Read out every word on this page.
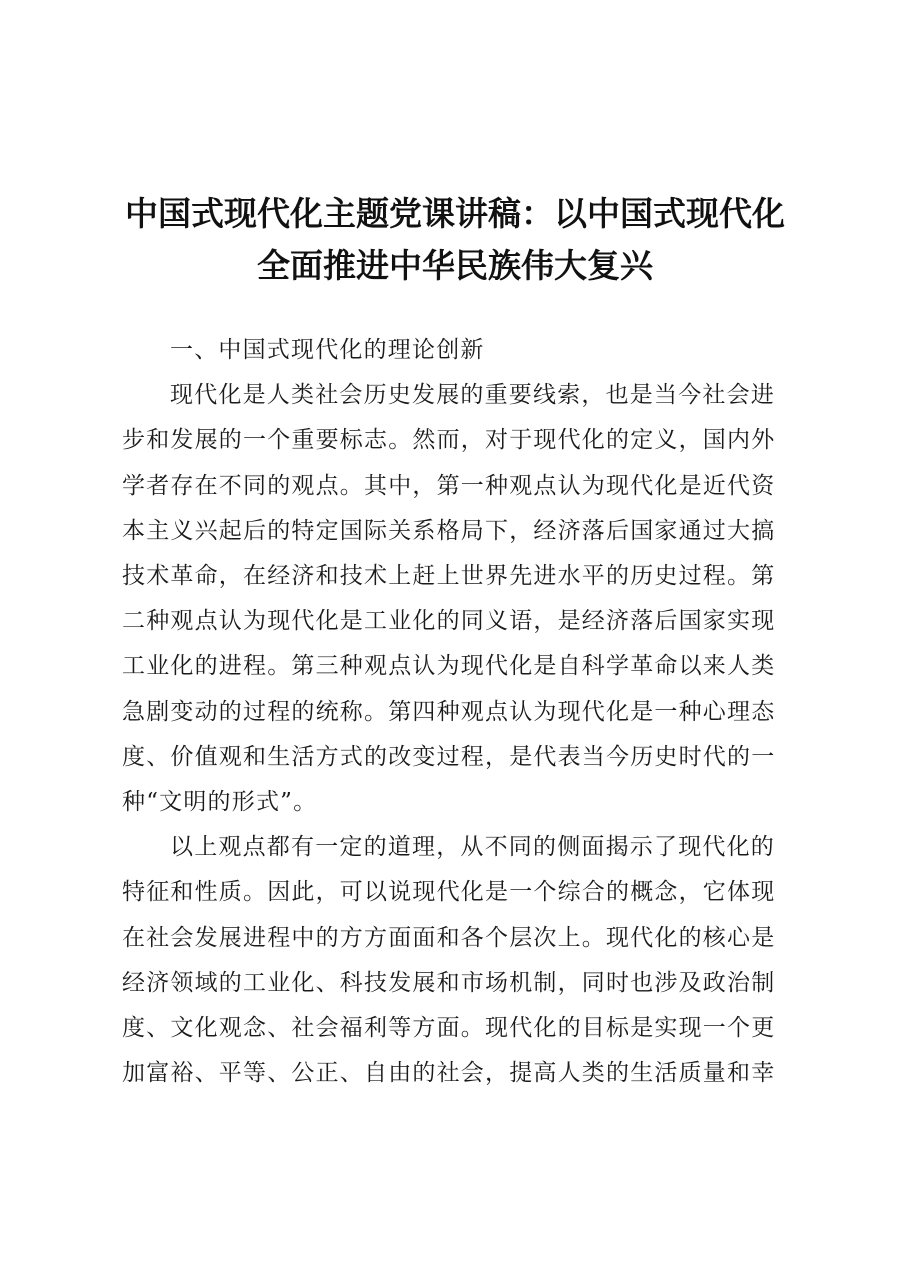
中国式现代化主题党课讲稿：以中国式现代化
全面推进中华民族伟大复兴
一、中国式现代化的理论创新
现代化是人类社会历史发展的重要线索，也是当今社会进
步和发展的一个重要标志。然而，对于现代化的定义，国内外
学者存在不同的观点。其中，第一种观点认为现代化是近代资
本主义兴起后的特定国际关系格局下，经济落后国家通过大搞
技术革命，在经济和技术上赶上世界先进水平的历史过程。第
二种观点认为现代化是工业化的同义语，是经济落后国家实现
工业化的进程。第三种观点认为现代化是自科学革命以来人类
急剧变动的过程的统称。第四种观点认为现代化是一种心理态
度、价值观和生活方式的改变过程，是代表当今历史时代的一
种“文明的形式”。
以上观点都有一定的道理，从不同的侧面揭示了现代化的
特征和性质。因此，可以说现代化是一个综合的概念，它体现
在社会发展进程中的方方面面和各个层次上。现代化的核心是
经济领域的工业化、科技发展和市场机制，同时也涉及政治制
度、文化观念、社会福利等方面。现代化的目标是实现一个更
加富裕、平等、公正、自由的社会，提高人类的生活质量和幸
